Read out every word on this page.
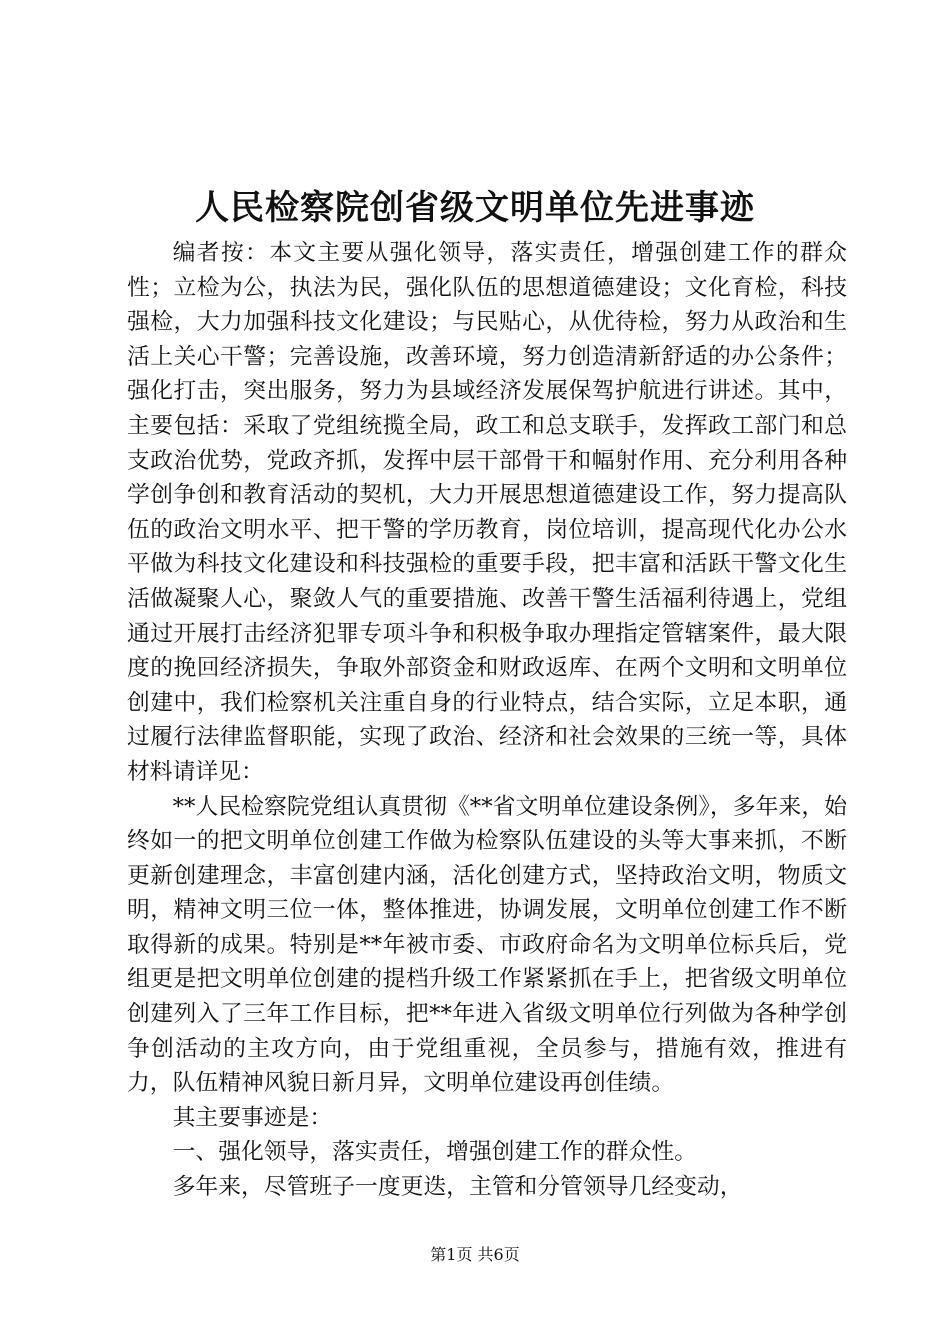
人民检察院创省级文明单位先进事迹

编者按：本文主要从强化领导，落实责任，增强创建工作的群众性；立检为公，执法为民，强化队伍的思想道德建设；文化育检，科技强检，大力加强科技文化建设；与民贴心，从优待检，努力从政治和生活上关心干警；完善设施，改善环境，努力创造清新舒适的办公条件；强化打击，突出服务，努力为县域经济发展保驾护航进行讲述。其中，主要包括：采取了党组统揽全局，政工和总支联手，发挥政工部门和总支政治优势，党政齐抓，发挥中层干部骨干和幅射作用、充分利用各种学创争创和教育活动的契机，大力开展思想道德建设工作，努力提高队伍的政治文明水平、把干警的学历教育，岗位培训，提高现代化办公水平做为科技文化建设和科技强检的重要手段，把丰富和活跃干警文化生活做凝聚人心，聚敛人气的重要措施、改善干警生活福利待遇上，党组通过开展打击经济犯罪专项斗争和积极争取办理指定管辖案件，最大限度的挽回经济损失，争取外部资金和财政返库、在两个文明和文明单位创建中，我们检察机关注重自身的行业特点，结合实际，立足本职，通过履行法律监督职能，实现了政治、经济和社会效果的三统一等，具体材料请详见：

**人民检察院党组认真贯彻《**省文明单位建设条例》，多年来，始终如一的把文明单位创建工作做为检察队伍建设的头等大事来抓，不断更新创建理念，丰富创建内涵，活化创建方式，坚持政治文明，物质文明，精神文明三位一体，整体推进，协调发展，文明单位创建工作不断取得新的成果。特别是**年被市委、市政府命名为文明单位标兵后，党组更是把文明单位创建的提档升级工作紧紧抓在手上，把省级文明单位创建列入了三年工作目标，把**年进入省级文明单位行列做为各种学创争创活动的主攻方向，由于党组重视，全员参与，措施有效，推进有力，队伍精神风貌日新月异，文明单位建设再创佳绩。

其主要事迹是：

一、强化领导，落实责任，增强创建工作的群众性。

多年来，尽管班子一度更迭，主管和分管领导几经变动，

第1页 共6页
